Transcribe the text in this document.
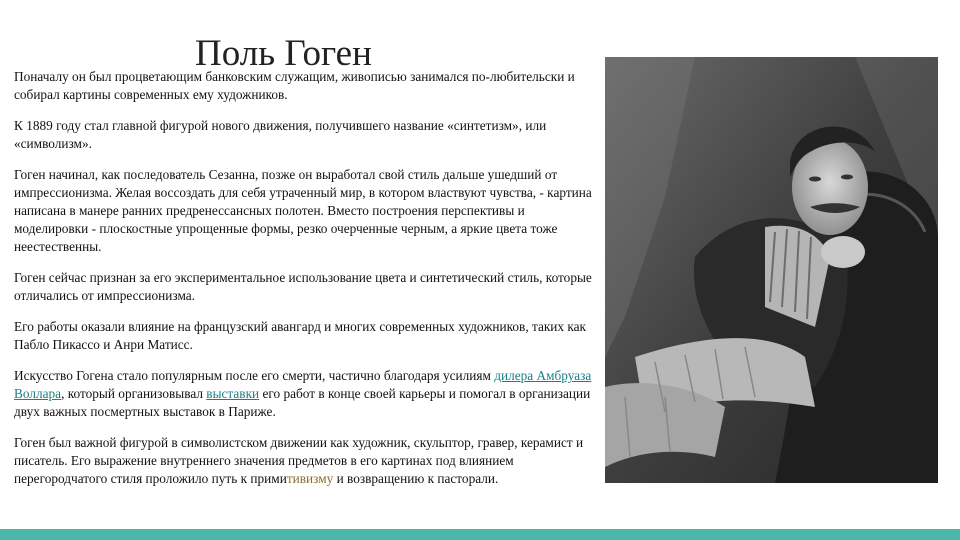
Поль Гоген

Поначалу он был процветающим банковским служащим, живописью занимался по-любительски и собирал картины современных ему художников.

К 1889 году стал главной фигурой нового движения, получившего название «синтетизм», или «символизм».

Гоген начинал, как последователь Сезанна, позже он выработал свой стиль дальше ушедший от импрессионизма. Желая воссоздать для себя утраченный мир, в котором властвуют чувства, - картина написана в манере ранних предренессансных полотен. Вместо построения перспективы и моделировки - плоскостные упрощенные формы, резко очерченные черным, а яркие цвета тоже неестественны.

Гоген сейчас признан за его экспериментальное использование цвета и синтетический стиль, которые отличались от импрессионизма.

Его работы оказали влияние на французский авангард и многих современных художников, таких как Пабло Пикассо и Анри Матисс.

Искусство Гогена стало популярным после его смерти, частично благодаря усилиям дилера Амбруаза Воллара, который организовывал выставки его работ в конце своей карьеры и помогал в организации двух важных посмертных выставок в Париже.

Гоген был важной фигурой в символистском движении как художник, скульптор, гравер, керамист и писатель. Его выражение внутреннего значения предметов в его картинах под влиянием перегородчатого стиля проложило путь к примитивизму и возвращению к пасторали.
